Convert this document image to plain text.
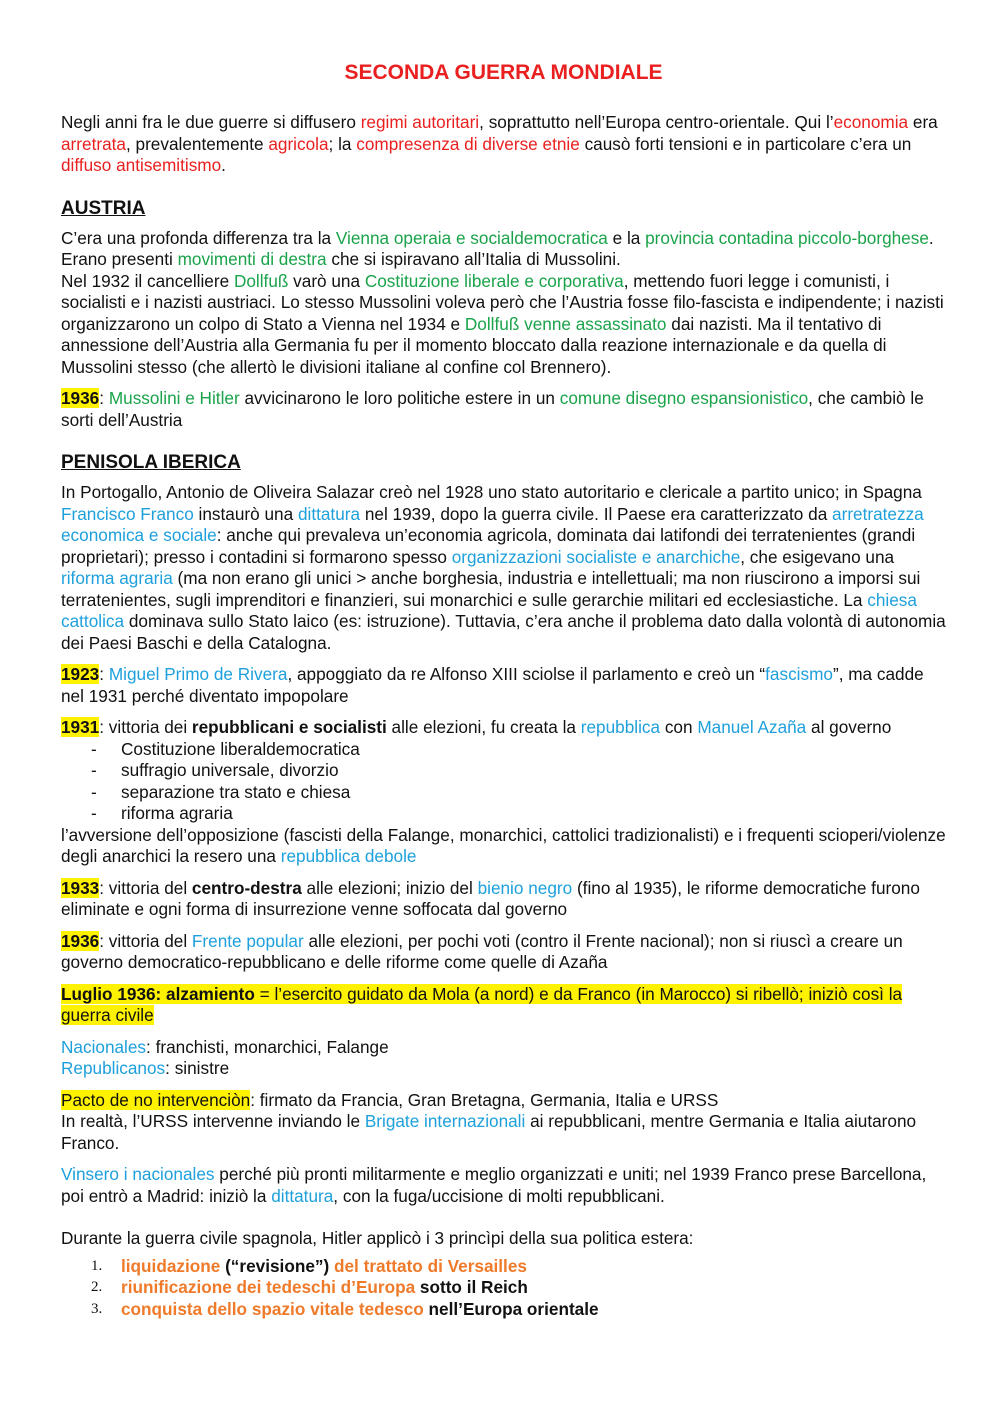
SECONDA GUERRA MONDIALE

Negli anni fra le due guerre si diffusero regimi autoritari, soprattutto nell’Europa centro-orientale. Qui l’economia era arretrata, prevalentemente agricola; la compresenza di diverse etnie causò forti tensioni e in particolare c’era un diffuso antisemitismo.

AUSTRIA

C’era una profonda differenza tra la Vienna operaia e socialdemocratica e la provincia contadina piccolo-borghese. Erano presenti movimenti di destra che si ispiravano all’Italia di Mussolini.

Nel 1932 il cancelliere Dollfuß varò una Costituzione liberale e corporativa, mettendo fuori legge i comunisti, i socialisti e i nazisti austriaci. Lo stesso Mussolini voleva però che l’Austria fosse filo-fascista e indipendente; i nazisti organizzarono un colpo di Stato a Vienna nel 1934 e Dollfuß venne assassinato dai nazisti. Ma il tentativo di annessione dell’Austria alla Germania fu per il momento bloccato dalla reazione internazionale e da quella di Mussolini stesso (che allertò le divisioni italiane al confine col Brennero).

1936: Mussolini e Hitler avvicinarono le loro politiche estere in un comune disegno espansionistico, che cambiò le sorti dell’Austria

PENISOLA IBERICA

In Portogallo, Antonio de Oliveira Salazar creò nel 1928 uno stato autoritario e clericale a partito unico; in Spagna Francisco Franco instaurò una dittatura nel 1939, dopo la guerra civile. Il Paese era caratterizzato da arretratezza economica e sociale: anche qui prevaleva un’economia agricola, dominata dai latifondi dei terratenientes (grandi proprietari); presso i contadini si formarono spesso organizzazioni socialiste e anarchiche, che esigevano una riforma agraria (ma non erano gli unici > anche borghesia, industria e intellettuali; ma non riuscirono a imporsi sui terratenientes, sugli imprenditori e finanzieri, sui monarchici e sulle gerarchie militari ed ecclesiastiche. La chiesa cattolica dominava sullo Stato laico (es: istruzione). Tuttavia, c’era anche il problema dato dalla volontà di autonomia dei Paesi Baschi e della Catalogna.

1923: Miguel Primo de Rivera, appoggiato da re Alfonso XIII sciolse il parlamento e creò un “fascismo”, ma cadde nel 1931 perché diventato impopolare

1931: vittoria dei repubblicani e socialisti alle elezioni, fu creata la repubblica con Manuel Azaña al governo

- Costituzione liberaldemocratica
- suffragio universale, divorzio
- separazione tra stato e chiesa
- riforma agraria

l’avversione dell’opposizione (fascisti della Falange, monarchici, cattolici tradizionalisti) e i frequenti scioperi/violenze degli anarchici la resero una repubblica debole

1933: vittoria del centro-destra alle elezioni; inizio del bienio negro (fino al 1935), le riforme democratiche furono eliminate e ogni forma di insurrezione venne soffocata dal governo

1936: vittoria del Frente popular alle elezioni, per pochi voti (contro il Frente nacional); non si riuscì a creare un governo democratico-repubblicano e delle riforme come quelle di Azaña

Luglio 1936: alzamiento = l’esercito guidato da Mola (a nord) e da Franco (in Marocco) si ribellò; iniziò così la guerra civile

Nacionales: franchisti, monarchici, Falange
Republicanos: sinistre

Pacto de no intervenciòn: firmato da Francia, Gran Bretagna, Germania, Italia e URSS
In realtà, l’URSS intervenne inviando le Brigate internazionali ai repubblicani, mentre Germania e Italia aiutarono Franco.

Vinsero i nacionales perché più pronti militarmente e meglio organizzati e uniti; nel 1939 Franco prese Barcellona, poi entrò a Madrid: iniziò la dittatura, con la fuga/uccisione di molti repubblicani.

Durante la guerra civile spagnola, Hitler applicò i 3 princìpi della sua politica estera:

1. liquidazione (“revisione”) del trattato di Versailles
2. riunificazione dei tedeschi d’Europa sotto il Reich
3. conquista dello spazio vitale tedesco nell’Europa orientale
